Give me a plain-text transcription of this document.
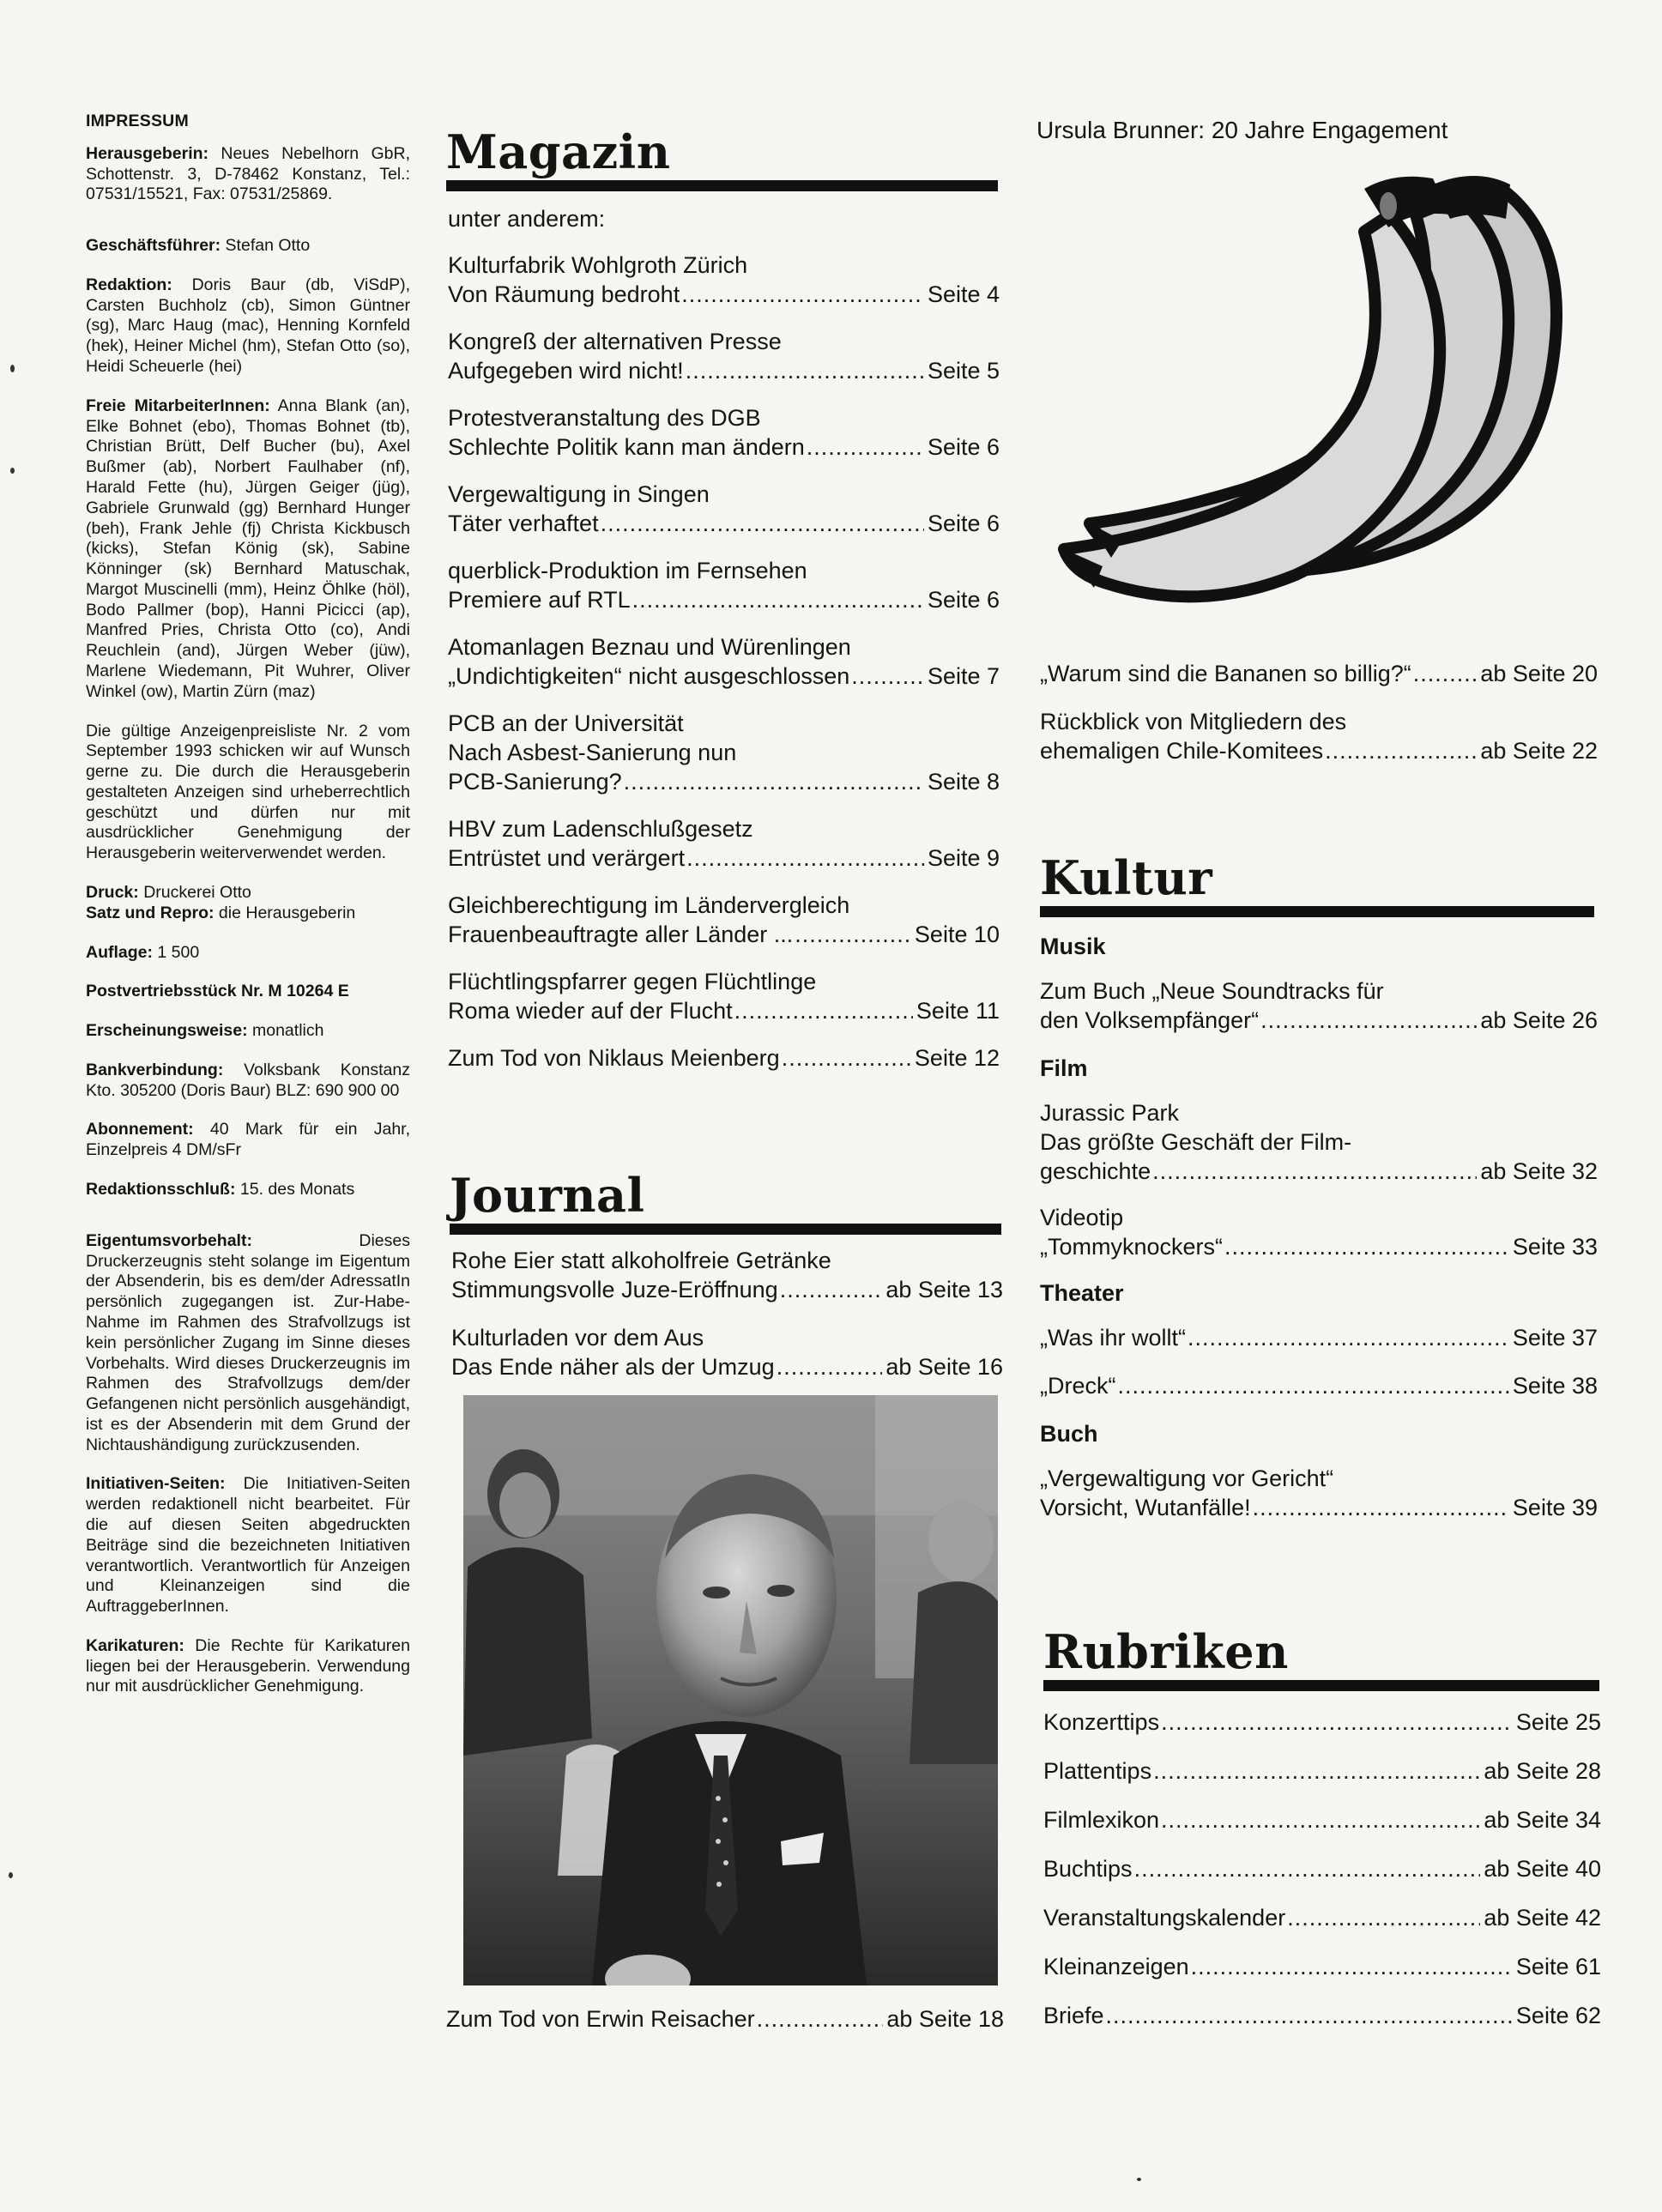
IMPRESSUM

Herausgeberin: Neues Nebelhorn GbR, Schottenstr. 3, D-78462 Konstanz, Tel.: 07531/15521, Fax: 07531/25869.

Geschäftsführer: Stefan Otto

Redaktion: Doris Baur (db, ViSdP), Carsten Buchholz (cb), Simon Güntner (sg), Marc Haug (mac), Henning Kornfeld (hek), Heiner Michel (hm), Stefan Otto (so), Heidi Scheuerle (hei)

Freie MitarbeiterInnen: Anna Blank (an), Elke Bohnet (ebo), Thomas Bohnet (tb), Christian Brütt, Delf Bucher (bu), Axel Bußmer (ab), Norbert Faulhaber (nf), Harald Fette (hu), Jürgen Geiger (jüg), Gabriele Grunwald (gg) Bernhard Hunger (beh), Frank Jehle (fj) Christa Kickbusch (kicks), Stefan König (sk), Sabine Könninger (sk) Bernhard Matuschak, Margot Muscinelli (mm), Heinz Öhlke (höl), Bodo Pallmer (bop), Hanni Picicci (ap), Manfred Pries, Christa Otto (co), Andi Reuchlein (and), Jürgen Weber (jüw), Marlene Wiedemann, Pit Wuhrer, Oliver Winkel (ow), Martin Zürn (maz)

Die gültige Anzeigenpreisliste Nr. 2 vom September 1993 schicken wir auf Wunsch gerne zu. Die durch die Herausgeberin gestalteten Anzeigen sind urheberrechtlich geschützt und dürfen nur mit ausdrücklicher Genehmigung der Herausgeberin weiterverwendet werden.

Druck: Druckerei Otto
Satz und Repro: die Herausgeberin

Auflage: 1 500

Postvertriebsstück Nr. M 10264 E

Erscheinungsweise: monatlich

Bankverbindung: Volksbank Konstanz Kto. 305200 (Doris Baur) BLZ: 690 900 00

Abonnement: 40 Mark für ein Jahr, Einzelpreis 4 DM/sFr

Redaktionsschluß: 15. des Monats

Eigentumsvorbehalt:	Dieses Druckerzeugnis steht solange im Eigentum der Absenderin, bis es dem/der AdressatIn persönlich zugegangen ist. Zur-Habe-Nahme im Rahmen des Strafvollzugs ist kein persönlicher Zugang im Sinne dieses Vorbehalts. Wird dieses Druckerzeugnis im Rahmen des Strafvollzugs dem/der Gefangenen nicht persönlich ausgehändigt, ist es der Absenderin mit dem Grund der Nichtaushändigung zurückzusenden.

Initiativen-Seiten: Die Initiativen-Seiten werden redaktionell nicht bearbeitet. Für die auf diesen Seiten abgedruckten Beiträge sind die bezeichneten Initiativen verantwortlich. Verantwortlich für Anzeigen und Kleinanzeigen sind die AuftraggeberInnen.

Karikaturen: Die Rechte für Karikaturen liegen bei der Herausgeberin. Verwendung nur mit ausdrücklicher Genehmigung.

Magazin
unter anderem:
Kulturfabrik Wohlgroth Zürich
Von Räumung bedroht .....	Seite 4
Kongreß der alternativen Presse
Aufgegeben wird nicht! .....	Seite 5
Protestveranstaltung des DGB
Schlechte Politik kann man ändern .....	Seite 6
Vergewaltigung in Singen
Täter verhaftet .....	Seite 6
querblick-Produktion im Fernsehen
Premiere auf RTL .....	Seite 6
Atomanlagen Beznau und Würenlingen
„Undichtigkeiten“ nicht ausgeschlossen .....	Seite 7
PCB an der Universität
Nach Asbest-Sanierung nun
PCB-Sanierung? .....	Seite 8
HBV zum Ladenschlußgesetz
Entrüstet und verärgert .....	Seite 9
Gleichberechtigung im Ländervergleich
Frauenbeauftragte aller Länder ... .....	Seite 10
Flüchtlingspfarrer gegen Flüchtlinge
Roma wieder auf der Flucht .....	Seite 11
Zum Tod von Niklaus Meienberg .....	Seite 12
Journal
Rohe Eier statt alkoholfreie Getränke
Stimmungsvolle Juze-Eröffnung .....	ab Seite 13
Kulturladen vor dem Aus
Das Ende näher als der Umzug .....	ab Seite 16
Zum Tod von Erwin Reisacher .....	ab Seite 18
Ursula Brunner: 20 Jahre Engagement
„Warum sind die Bananen so billig?“ .....	ab Seite 20
Rückblick von Mitgliedern des
ehemaligen Chile-Komitees .....	ab Seite 22
Kultur
Musik
Zum Buch „Neue Soundtracks für
den Volksempfänger“ .....	ab Seite 26
Film
Jurassic Park
Das größte Geschäft der Film-
geschichte .....	ab Seite 32
Videotip
„Tommyknockers“ .....	Seite 33
Theater
„Was ihr wollt“ .....	Seite 37
„Dreck“ .....	Seite 38
Buch
„Vergewaltigung vor Gericht“
Vorsicht, Wutanfälle! .....	Seite 39
Rubriken
Konzerttips .....	Seite 25
Plattentips .....	ab Seite 28
Filmlexikon .....	ab Seite 34
Buchtips .....	ab Seite 40
Veranstaltungskalender .....	ab Seite 42
Kleinanzeigen .....	Seite 61
Briefe .....	Seite 62
